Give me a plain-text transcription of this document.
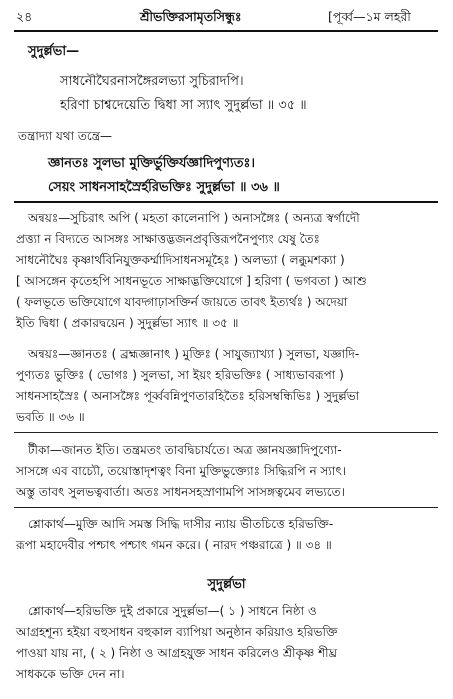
২৪	শ্রীভক্তিরসামৃতসিন্ধুঃ	[পূর্ব্ব—১ম লহরী
সুদুর্ল্লভা—
সাধনৌঘৈরনাসঙ্গৈরলভ্যা সুচিরাদপি।
হরিণা চাশ্বদেয়েতি দ্বিধা সা স্যাৎ সুদুর্ল্লভা ॥ ৩৫ ॥
তন্ত্রাদ্যা যথা তন্ত্রে—
জ্ঞানতঃ সুলভা মুক্তির্ভুক্তির্যজ্ঞাদিপুণ্যতঃ।
সেয়ং সাধনসাহস্রৈর্হরিভক্তিঃ সুদুর্ল্লভা ॥ ৩৬ ॥
অন্বয়ঃ—সুচিরাৎ অপি ( মহতা কালেনাপি ) অনাসঙ্গৈঃ ( অন্যত্র স্বর্গাদৌ
প্রত্ত্যা ন বিদ্যতে আসঙ্গঃ সাক্ষাত্তদ্ভজনপ্রবৃত্তিরূপনৈপুণ্যং যেষু তৈঃ
সাধনৌঘৈঃ কৃষ্ণার্থবিনিযুক্তকর্ম্মাদিসাধনসমূহৈঃ ) অলভ্যা ( লব্ধুমশক্যা )
[ আসঙ্গেন কৃতেহপি সাধনভূতে সাক্ষাদ্ভক্তিযোগে ] হরিণা ( ভগবতা ) আশু
( ফলভূতে ভক্তিযোগে যাবদ্গাঢ়াসক্তির্ন জায়তে তাবৎ ইত্যর্থঃ ) অদেয়া
ইতি দ্বিধা ( প্রকারদ্বয়েন ) সুদুর্ল্লভা স্যাৎ ॥ ৩৫ ॥
অন্বয়ঃ—জ্ঞানতঃ ( ব্রহ্মজ্ঞানাৎ ) মুক্তিঃ ( সাযুজ্যাখ্যা ) সুলভা, যজ্ঞাদি-
পুণ্যতঃ ভুক্তিঃ ( ভোগঃ ) সুলভা, সা ইয়ং হরিভক্তিঃ ( সাধ্যভাবরূপা )
সাধনসাহস্রৈঃ ( অনাসঙ্গৈঃ পূর্ব্ববন্নিপুণতারহিতৈঃ হরিসম্বন্ধিভিঃ ) সুদুর্ল্লভা
ভবতি ॥ ৩৬ ॥
টীকা—জানত ইতি। তন্ত্রমতং তাবদ্বিচার্যতে। অত্র জ্ঞানযজ্ঞাদিপুণ্যো-
সাসঙ্গে এব বাচ্যৌ, তয়োস্তাদৃশত্বং বিনা মুক্তিভুক্ত্যোঃ সিদ্ধিরপি ন স্যাৎ।
অস্তু তাবৎ সুলভত্ববার্তা। অতঃ সাধনসহস্রাণামপি সাসঙ্গত্বমেব লভ্যতে।
শ্লোকার্থ—মুক্তি আদি সমস্ত সিদ্ধি দাসীর ন্যায় ভীতচিত্তে হরিভক্তি-
রূপা মহাদেবীর পশ্চাৎ পশ্চাৎ গমন করে। ( নারদ পঞ্চরাত্রে ) ॥ ৩৪ ॥
সুদুর্ল্লভা
শ্লোকার্থ—হরিভক্তি দুই প্রকারে সুদুর্ল্লভা—( ১ ) সাধনে নিষ্ঠা ও
আগ্রহশূন্য হইয়া বহুসাধন বহুকাল ব্যাপিয়া অনুষ্ঠান করিয়াও হরিভক্তি
পাওয়া যায় না, ( ২ ) নিষ্ঠা ও আগ্রহযুক্ত সাধন করিলেও শ্রীকৃষ্ণ শীঘ্র
সাধককে ভক্তি দেন না।
